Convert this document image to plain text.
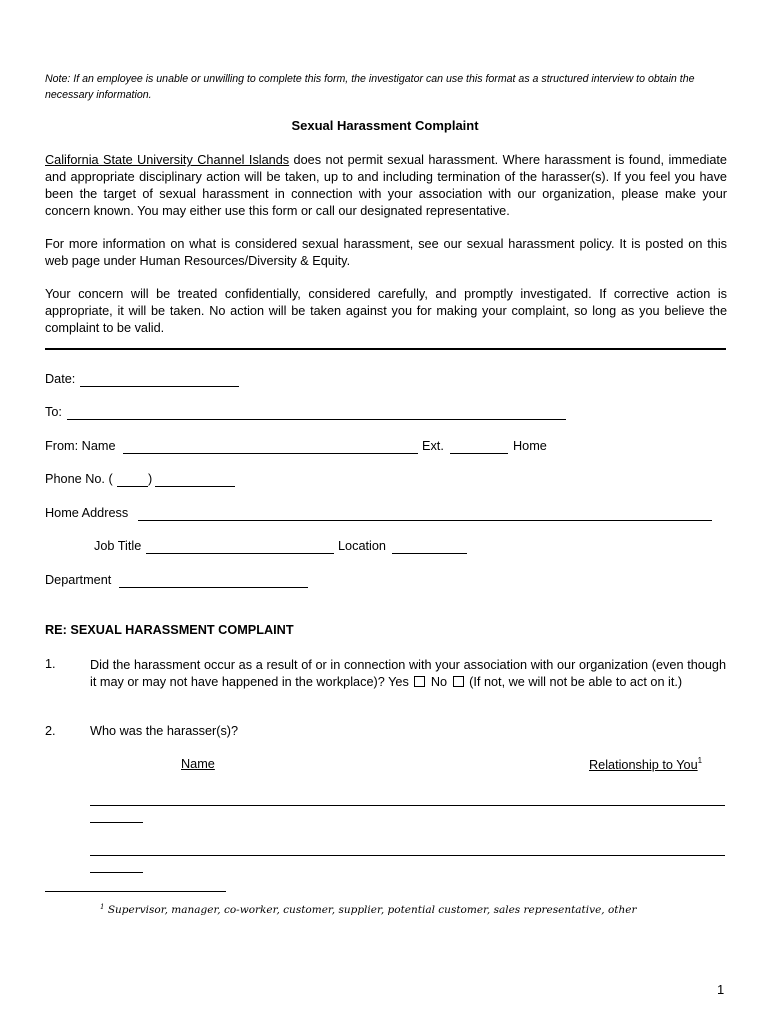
Note: If an employee is unable or unwilling to complete this form, the investigator can use this format as a structured interview to obtain the necessary information.
Sexual Harassment Complaint
California State University Channel Islands does not permit sexual harassment. Where harassment is found, immediate and appropriate disciplinary action will be taken, up to and including termination of the harasser(s). If you feel you have been the target of sexual harassment in connection with your association with our organization, please make your concern known. You may either use this form or call our designated representative.
For more information on what is considered sexual harassment, see our sexual harassment policy. It is posted on this web page under Human Resources/Diversity & Equity.
Your concern will be treated confidentially, considered carefully, and promptly investigated. If corrective action is appropriate, it will be taken. No action will be taken against you for making your complaint, so long as you believe the complaint to be valid.
Date:
To:
From: Name	Ext.	Home
Phone No. (	)
Home Address
Job Title	Location
Department
RE: SEXUAL HARASSMENT COMPLAINT
1.	Did the harassment occur as a result of or in connection with your association with our organization (even though it may or may not have happened in the workplace)? Yes No (If not, we will not be able to act on it.)
2.	Who was the harasser(s)?
Name	Relationship to You$^1$
$^1$ Supervisor, manager, co-worker, customer, supplier, potential customer, sales representative, other
1
